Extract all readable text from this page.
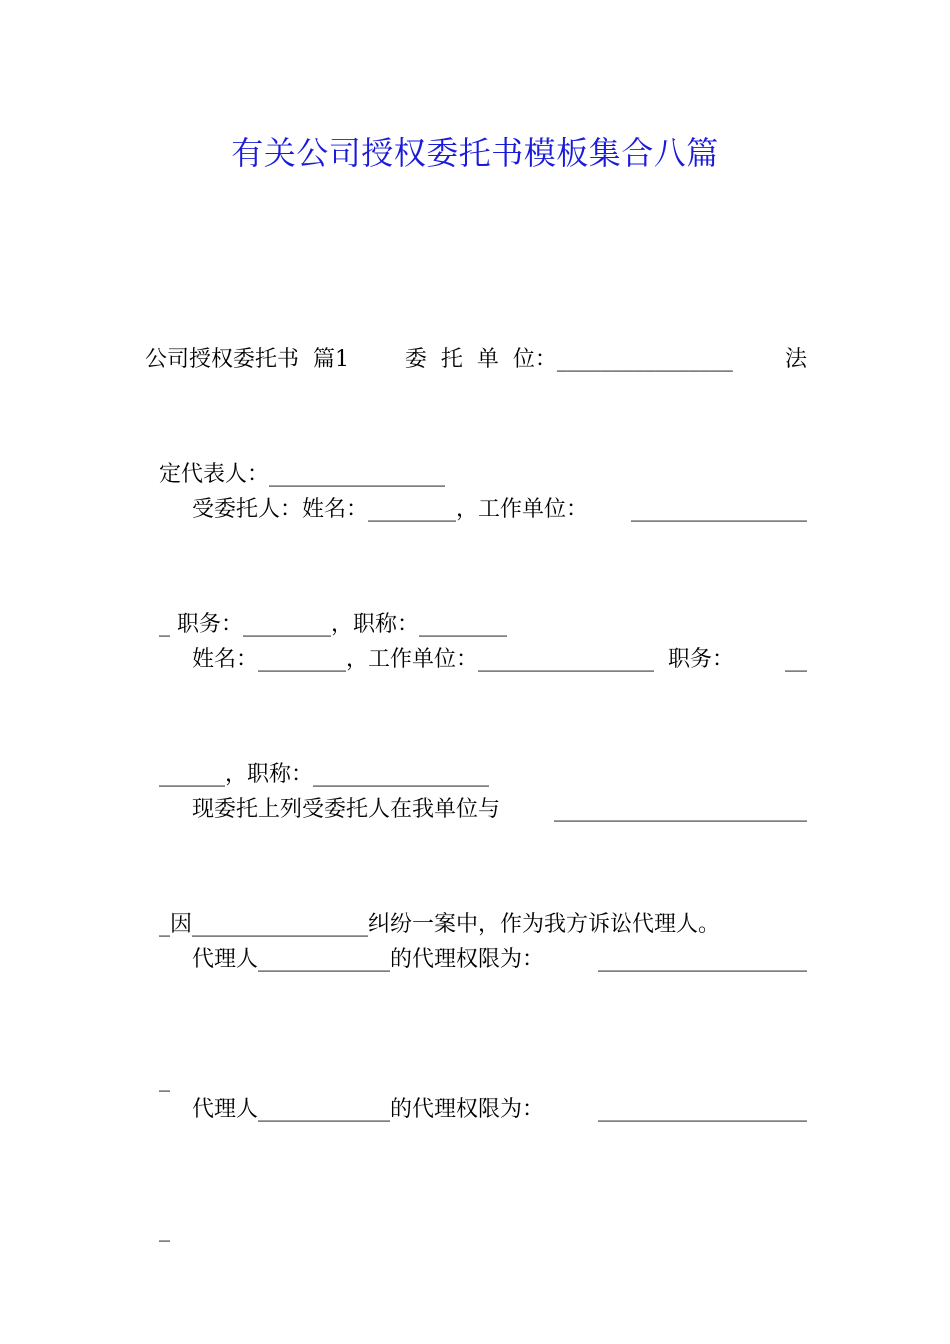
有关公司授权委托书模板集合八篇
公司授权委托书  篇1        委  托  单  位：________________ 法

定代表人：________________

受委托人：姓名：________，工作单位： ________________

_ 职务：________，职称：________

姓名：________，工作单位：________________  职务： __

______，职称：________________

现委托上列受委托人在我单位与 _______________________

_因________________纠纷一案中，作为我方诉讼代理人。

代理人____________的代理权限为： ___________________

_

代理人____________的代理权限为： ___________________

_
